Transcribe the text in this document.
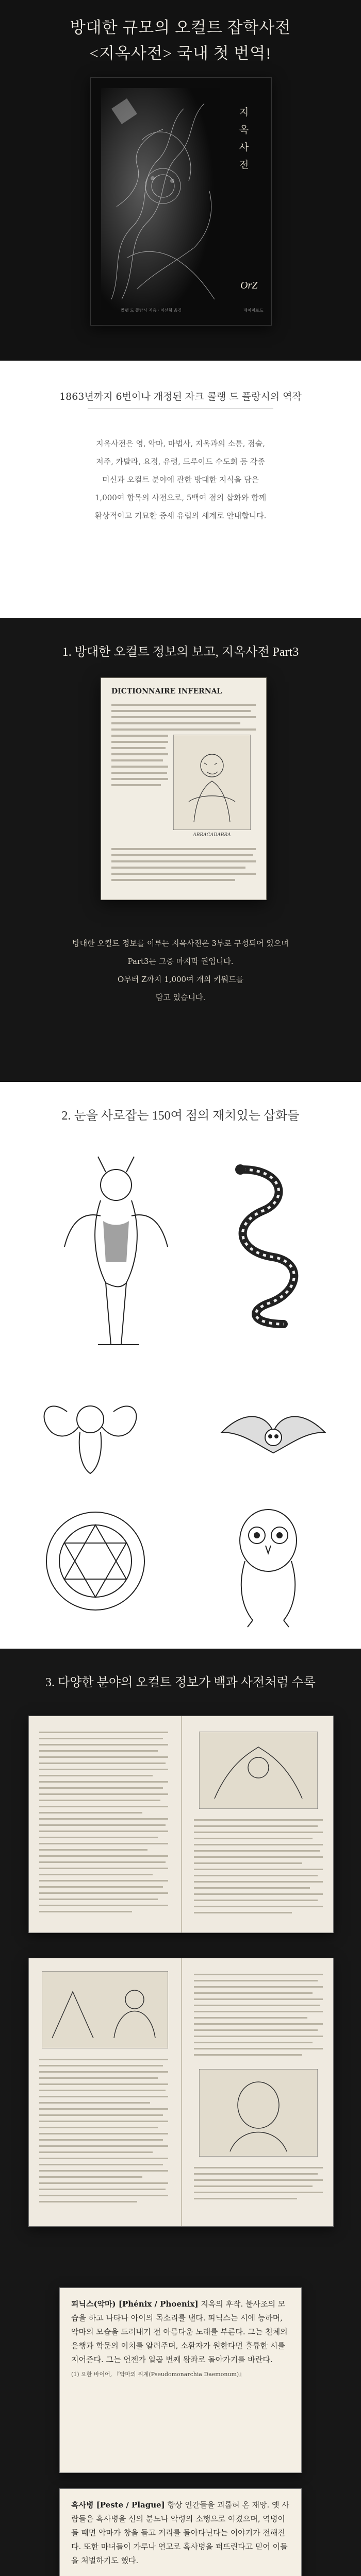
방대한 규모의 오컬트 잡학사전
<지옥사전> 국내 첫 번역!
지옥사전
OrZ
콜랭 드 플랑시 지음 · 이선형 옮김	페이퍼로드
1863년까지 6번이나 개정된 자크 콜랭 드 플랑시의 역작
지옥사전은 영, 악마, 마법사, 지옥과의 소통, 점술,
저주, 카발라, 요정, 유령, 드루이드 수도회 등 각종
미신과 오컬트 분야에 관한 방대한 지식을 담은
1,000여 항목의 사전으로, 5백여 점의 삽화와 함께
환상적이고 기묘한 중세 유럽의 세계로 안내합니다.
1. 방대한 오컬트 정보의 보고, 지옥사전 Part3
DICTIONNAIRE INFERNAL
ABRACADABRA
방대한 오컬트 정보를 이루는 지옥사전은 3부로 구성되어 있으며
Part3는 그중 마지막 권입니다.
O부터 Z까지 1,000여 개의 키워드를
담고 있습니다.
2. 눈을 사로잡는 150여 점의 재치있는 삽화들
3. 다양한 분야의 오컬트 정보가 백과 사전처럼 수록
피닉스(악마) [Phénix / Phoenix] 지옥의 후작. 불사조의 모습을 하고 나타나 아이의 목소리를 낸다. 피닉스는 시에 능하며, 악마의 모습을 드러내기 전 아름다운 노래를 부른다. 그는 천체의 운행과 학문의 이치를 알려주며, 소환자가 원한다면 훌륭한 시를 지어준다. 그는 언젠가 일곱 번째 왕좌로 돌아가기를 바란다.
(1) 요한 바이어, 『악마의 위계(Pseudomonarchia Daemonum)』
흑사병 [Peste / Plague] 항상 인간들을 괴롭혀 온 재앙. 옛 사람들은 흑사병을 신의 분노나 악령의 소행으로 여겼으며, 역병이 돌 때면 악마가 창을 들고 거리를 돌아다닌다는 이야기가 전해진다. 또한 마녀들이 가루나 연고로 흑사병을 퍼뜨린다고 믿어 이들을 처벌하기도 했다.
